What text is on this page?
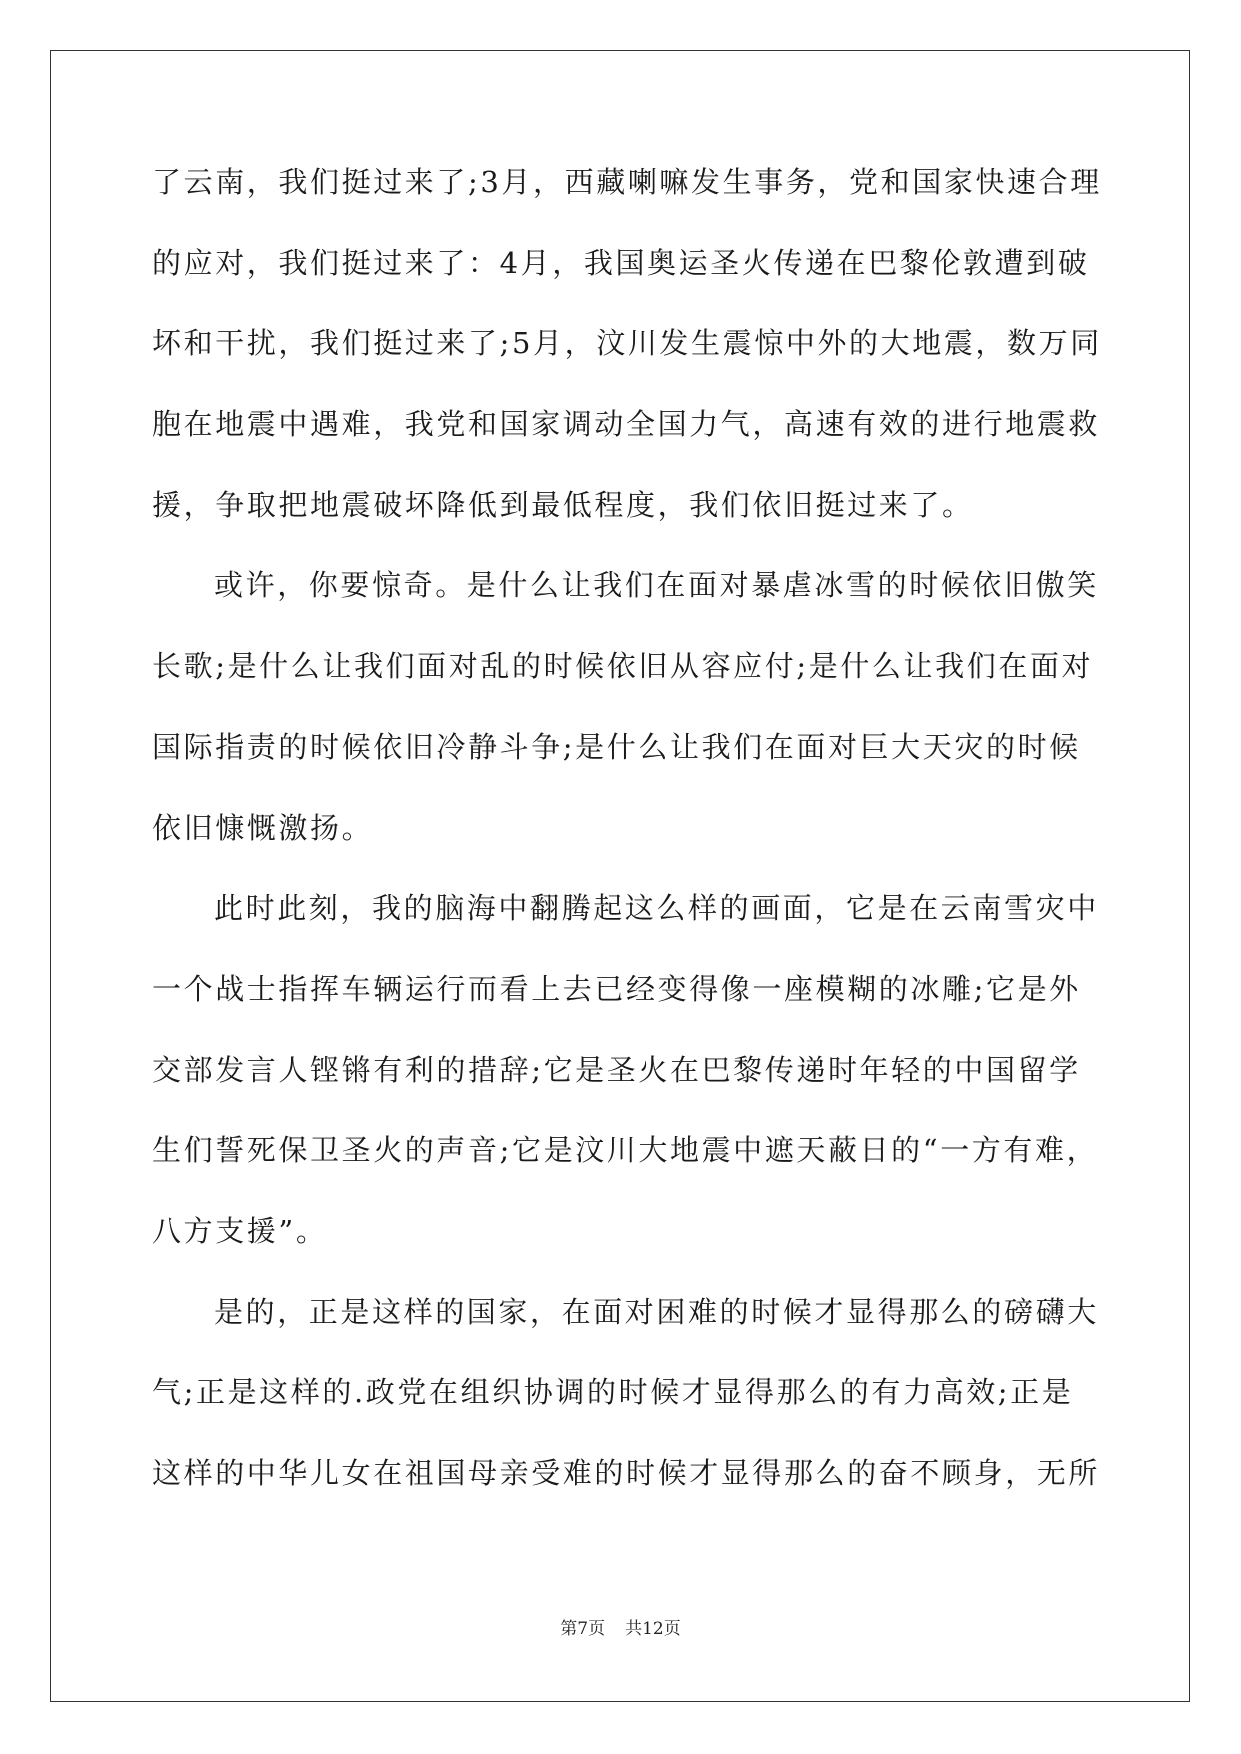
了云南，我们挺过来了;3月，西藏喇嘛发生事务，党和国家快速合理
的应对，我们挺过来了：4月，我国奥运圣火传递在巴黎伦敦遭到破
坏和干扰，我们挺过来了;5月，汶川发生震惊中外的大地震，数万同
胞在地震中遇难，我党和国家调动全国力气，高速有效的进行地震救
援，争取把地震破坏降低到最低程度，我们依旧挺过来了。
或许，你要惊奇。是什么让我们在面对暴虐冰雪的时候依旧傲笑
长歌;是什么让我们面对乱的时候依旧从容应付;是什么让我们在面对
国际指责的时候依旧冷静斗争;是什么让我们在面对巨大天灾的时候
依旧慷慨激扬。
此时此刻，我的脑海中翻腾起这么样的画面，它是在云南雪灾中
一个战士指挥车辆运行而看上去已经变得像一座模糊的冰雕;它是外
交部发言人铿锵有利的措辞;它是圣火在巴黎传递时年轻的中国留学
生们誓死保卫圣火的声音;它是汶川大地震中遮天蔽日的“一方有难，
八方支援”。
是的，正是这样的国家，在面对困难的时候才显得那么的磅礴大
气;正是这样的.政党在组织协调的时候才显得那么的有力高效;正是
这样的中华儿女在祖国母亲受难的时候才显得那么的奋不顾身，无所
第7页 共12页
